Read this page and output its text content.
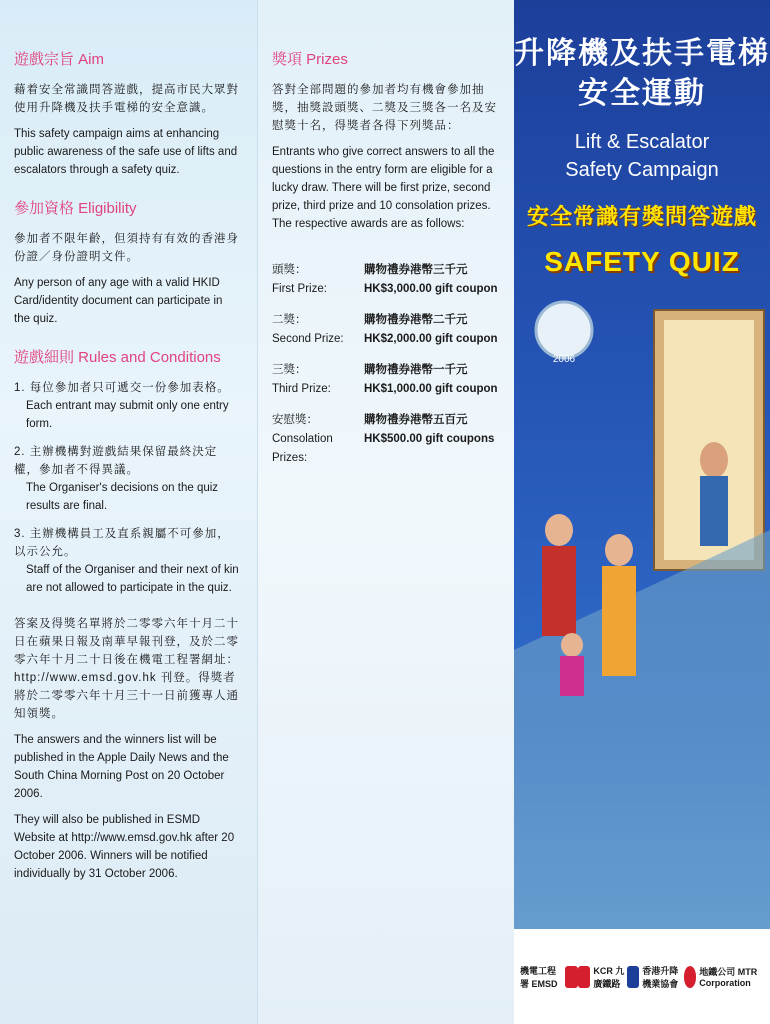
遊戲宗旨 Aim

藉着安全常識問答遊戲，提高市民大眾對使用升降機及扶手電梯的安全意識。

This safety campaign aims at enhancing public awareness of the safe use of lifts and escalators through a safety quiz.

參加資格 Eligibility

參加者不限年齡，但須持有有效的香港身份證／身份證明文件。

Any person of any age with a valid HKID Card/identity document can participate in the quiz.

遊戲細則 Rules and Conditions
1. 每位參加者只可遞交一份參加表格。
Each entrant may submit only one entry form.
2. 主辦機構對遊戲結果保留最終決定權，參加者不得異議。
The Organiser's decisions on the quiz results are final.
3. 主辦機構員工及直系親屬不可參加，以示公允。
Staff of the Organiser and their next of kin are not allowed to participate in the quiz.

答案及得獎名單將於二零零六年十月二十日在蘋果日報及南華早報刊登，及於二零零六年十月二十日後在機電工程署網址：http://www.emsd.gov.hk 刊登。得獎者將於二零零六年十月三十一日前獲專人通知領獎。

The answers and the winners list will be published in the Apple Daily News and the South China Morning Post on 20 October 2006.

They will also be published in ESMD Website at http://www.emsd.gov.hk after 20 October 2006. Winners will be notified individually by 31 October 2006.

獎項 Prizes

答對全部問題的參加者均有機會參加抽獎，抽獎設頭獎、二獎及三獎各一名及安慰獎十名，得獎者各得下列獎品：

Entrants who give correct answers to all the questions in the entry form are eligible for a lucky draw. There will be first prize, second prize, third prize and 10 consolation prizes. The respective awards are as follows:

頭獎：
First Prize:
購物禮券港幣三千元
HK$3,000.00 gift coupon
二獎：
Second Prize:
購物禮券港幣二千元
HK$2,000.00 gift coupon
三獎：
Third Prize:
購物禮券港幣一千元
HK$1,000.00 gift coupon
安慰獎：
Consolation Prizes:
購物禮券港幣五百元
HK$500.00 gift coupons
升降機及扶手電梯
安全運動
Lift & Escalator
Safety Campaign
安全常識有獎問答遊戲
SAFETY QUIZ
2006
機電工程署 EMSD
KCR 九廣鐵路
香港升降機業協會
地鐵公司 MTR Corporation
